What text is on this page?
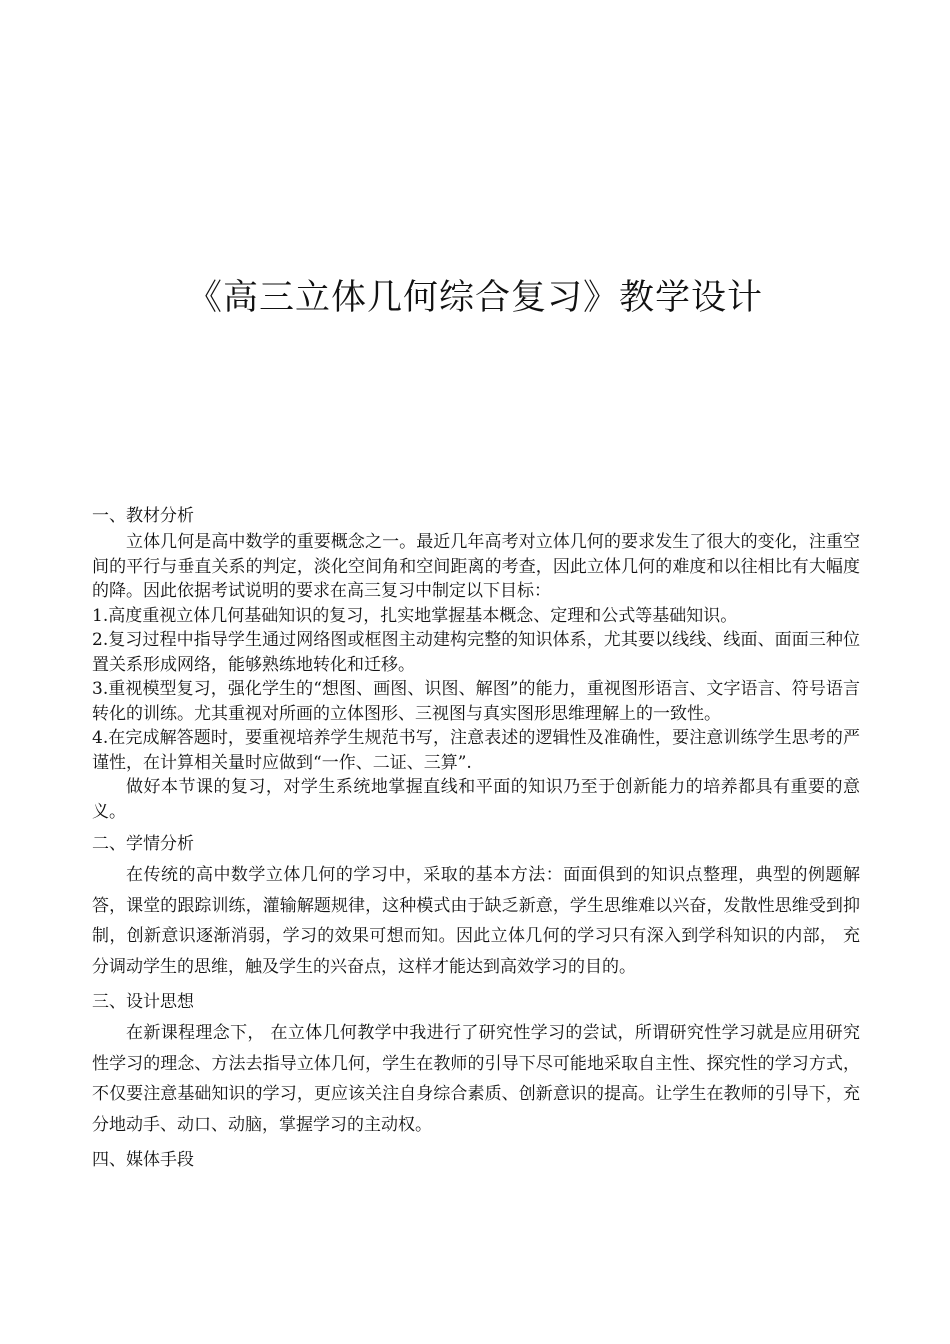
《高三立体几何综合复习》教学设计
一、教材分析

立体几何是高中数学的重要概念之一。最近几年高考对立体几何的要求发生了很大的变化，注重空间的平行与垂直关系的判定，淡化空间角和空间距离的考查，因此立体几何的难度和以往相比有大幅度的降。因此依据考试说明的要求在高三复习中制定以下目标：

1.高度重视立体几何基础知识的复习，扎实地掌握基本概念、定理和公式等基础知识。

2.复习过程中指导学生通过网络图或框图主动建构完整的知识体系，尤其要以线线、线面、面面三种位置关系形成网络，能够熟练地转化和迁移。

3.重视模型复习，强化学生的“想图、画图、识图、解图”的能力，重视图形语言、文字语言、符号语言转化的训练。尤其重视对所画的立体图形、三视图与真实图形思维理解上的一致性。

4.在完成解答题时，要重视培养学生规范书写，注意表述的逻辑性及准确性，要注意训练学生思考的严谨性，在计算相关量时应做到“一作、二证、三算”.

做好本节课的复习，对学生系统地掌握直线和平面的知识乃至于创新能力的培养都具有重要的意义。

二、学情分析

在传统的高中数学立体几何的学习中，采取的基本方法：面面俱到的知识点整理，典型的例题解答，课堂的跟踪训练，灌输解题规律，这种模式由于缺乏新意，学生思维难以兴奋，发散性思维受到抑制，创新意识逐渐消弱，学习的效果可想而知。因此立体几何的学习只有深入到学科知识的内部， 充分调动学生的思维，触及学生的兴奋点，这样才能达到高效学习的目的。

三、设计思想

在新课程理念下， 在立体几何教学中我进行了研究性学习的尝试，所谓研究性学习就是应用研究性学习的理念、方法去指导立体几何，学生在教师的引导下尽可能地采取自主性、探究性的学习方式，不仅要注意基础知识的学习，更应该关注自身综合素质、创新意识的提高。让学生在教师的引导下，充分地动手、动口、动脑，掌握学习的主动权。

四、媒体手段
